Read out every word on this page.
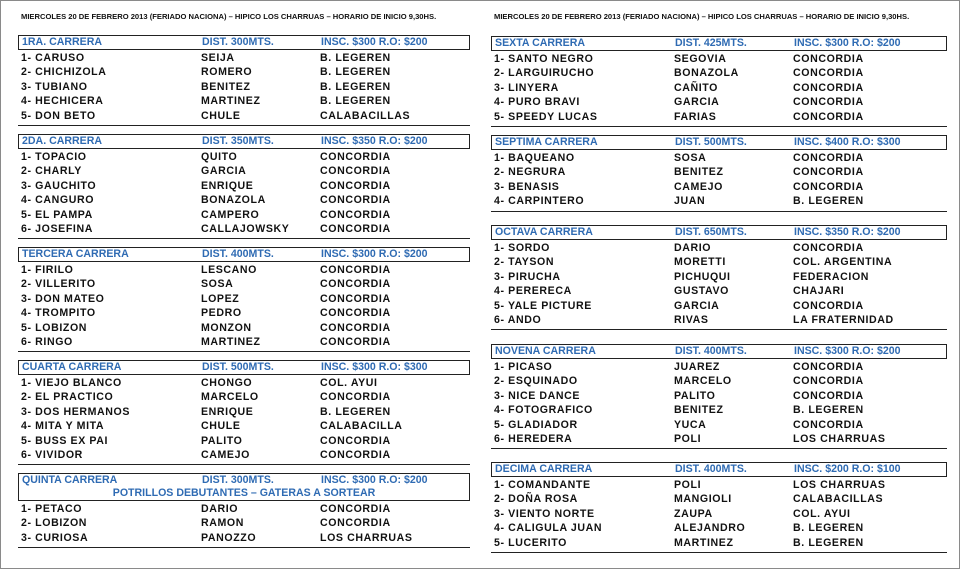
MIERCOLES 20 DE FEBRERO 2013 (FERIADO NACIONA) – HIPICO LOS CHARRUAS – HORARIO DE INICIO 9,30HS.
1RA. CARRERA	DIST. 300MTS.	INSC. $300 R.O: $200
1- CARUSO	SEIJA	B. LEGEREN
2- CHICHIZOLA	ROMERO	B. LEGEREN
3- TUBIANO	BENITEZ	B. LEGEREN
4- HECHICERA	MARTINEZ	B. LEGEREN
5- DON BETO	CHULE	CALABACILLAS
2DA. CARRERA	DIST. 350MTS.	INSC. $350 R.O: $200
1- TOPACIO	QUITO	CONCORDIA
2- CHARLY	GARCIA	CONCORDIA
3- GAUCHITO	ENRIQUE	CONCORDIA
4- CANGURO	BONAZOLA	CONCORDIA
5- EL PAMPA	CAMPERO	CONCORDIA
6- JOSEFINA	CALLAJOWSKY	CONCORDIA
TERCERA CARRERA	DIST. 400MTS.	INSC. $300 R.O: $200
1- FIRILO	LESCANO	CONCORDIA
2- VILLERITO	SOSA	CONCORDIA
3- DON MATEO	LOPEZ	CONCORDIA
4- TROMPITO	PEDRO	CONCORDIA
5- LOBIZON	MONZON	CONCORDIA
6- RINGO	MARTINEZ	CONCORDIA
CUARTA CARRERA	DIST. 500MTS.	INSC. $300 R.O: $300
1- VIEJO BLANCO	CHONGO	COL. AYUI
2- EL PRACTICO	MARCELO	CONCORDIA
3- DOS HERMANOS	ENRIQUE	B. LEGEREN
4- MITA Y MITA	CHULE	CALABACILLA
5- BUSS EX PAI	PALITO	CONCORDIA
6- VIVIDOR	CAMEJO	CONCORDIA
QUINTA CARRERA	DIST. 300MTS.	INSC. $300 R.O: $200
POTRILLOS DEBUTANTES – GATERAS A SORTEAR
1- PETACO	DARIO	CONCORDIA
2- LOBIZON	RAMON	CONCORDIA
3- CURIOSA	PANOZZO	LOS CHARRUAS
MIERCOLES 20 DE FEBRERO 2013 (FERIADO NACIONA) – HIPICO LOS CHARRUAS – HORARIO DE INICIO 9,30HS.
SEXTA CARRERA	DIST. 425MTS.	INSC. $300 R.O: $200
1- SANTO NEGRO	SEGOVIA	CONCORDIA
2- LARGUIRUCHO	BONAZOLA	CONCORDIA
3- LINYERA	CAÑITO	CONCORDIA
4- PURO BRAVI	GARCIA	CONCORDIA
5- SPEEDY LUCAS	FARIAS	CONCORDIA
SEPTIMA CARRERA	DIST. 500MTS.	INSC. $400 R.O: $300
1- BAQUEANO	SOSA	CONCORDIA
2- NEGRURA	BENITEZ	CONCORDIA
3- BENASIS	CAMEJO	CONCORDIA
4- CARPINTERO	JUAN	B. LEGEREN
OCTAVA CARRERA	DIST. 650MTS.	INSC. $350 R.O: $200
1- SORDO	DARIO	CONCORDIA
2- TAYSON	MORETTI	COL. ARGENTINA
3- PIRUCHA	PICHUQUI	FEDERACION
4- PERERECA	GUSTAVO	CHAJARI
5- YALE PICTURE	GARCIA	CONCORDIA
6- ANDO	RIVAS	LA FRATERNIDAD
NOVENA CARRERA	DIST. 400MTS.	INSC. $300 R.O: $200
1- PICASO	JUAREZ	CONCORDIA
2- ESQUINADO	MARCELO	CONCORDIA
3- NICE DANCE	PALITO	CONCORDIA
4- FOTOGRAFICO	BENITEZ	B. LEGEREN
5- GLADIADOR	YUCA	CONCORDIA
6- HEREDERA	POLI	LOS CHARRUAS
DECIMA CARRERA	DIST. 400MTS.	INSC. $200 R.O: $100
1- COMANDANTE	POLI	LOS CHARRUAS
2- DOÑA ROSA	MANGIOLI	CALABACILLAS
3- VIENTO NORTE	ZAUPA	COL. AYUI
4- CALIGULA JUAN	ALEJANDRO	B. LEGEREN
5- LUCERITO	MARTINEZ	B. LEGEREN
